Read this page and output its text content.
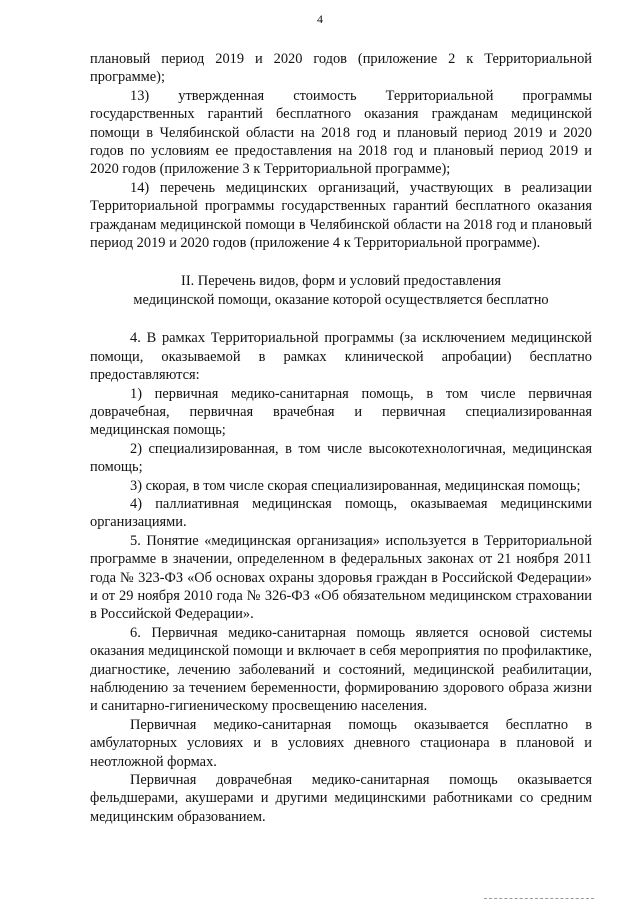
4

плановый период 2019 и 2020 годов (приложение 2 к Территориальной программе);

13) утвержденная стоимость Территориальной программы государственных гарантий бесплатного оказания гражданам медицинской помощи в Челябинской области на 2018 год и плановый период 2019 и 2020 годов по условиям ее предоставления на 2018 год и плановый период 2019 и 2020 годов (приложение 3 к Территориальной программе);

14) перечень медицинских организаций, участвующих в реализации Территориальной программы государственных гарантий бесплатного оказания гражданам медицинской помощи в Челябинской области на 2018 год и плановый период 2019 и 2020 годов (приложение 4 к Территориальной программе).

II. Перечень видов, форм и условий предоставления
медицинской помощи, оказание которой осуществляется бесплатно

4. В рамках Территориальной программы (за исключением медицинской помощи, оказываемой в рамках клинической апробации) бесплатно предоставляются:

1) первичная медико-санитарная помощь, в том числе первичная доврачебная, первичная врачебная и первичная специализированная медицинская помощь;

2) специализированная, в том числе высокотехнологичная, медицинская помощь;

3) скорая, в том числе скорая специализированная, медицинская помощь;

4) паллиативная медицинская помощь, оказываемая медицинскими организациями.

5. Понятие «медицинская организация» используется в Территориальной программе в значении, определенном в федеральных законах от 21 ноября 2011 года № 323-ФЗ «Об основах охраны здоровья граждан в Российской Федерации» и от 29 ноября 2010 года № 326-ФЗ «Об обязательном медицинском страховании в Российской Федерации».

6. Первичная медико-санитарная помощь является основой системы оказания медицинской помощи и включает в себя мероприятия по профилактике, диагностике, лечению заболеваний и состояний, медицинской реабилитации, наблюдению за течением беременности, формированию здорового образа жизни и санитарно-гигиеническому просвещению населения.

Первичная медико-санитарная помощь оказывается бесплатно в амбулаторных условиях и в условиях дневного стационара в плановой и неотложной формах.

Первичная доврачебная медико-санитарная помощь оказывается фельдшерами, акушерами и другими медицинскими работниками со средним медицинским образованием.
